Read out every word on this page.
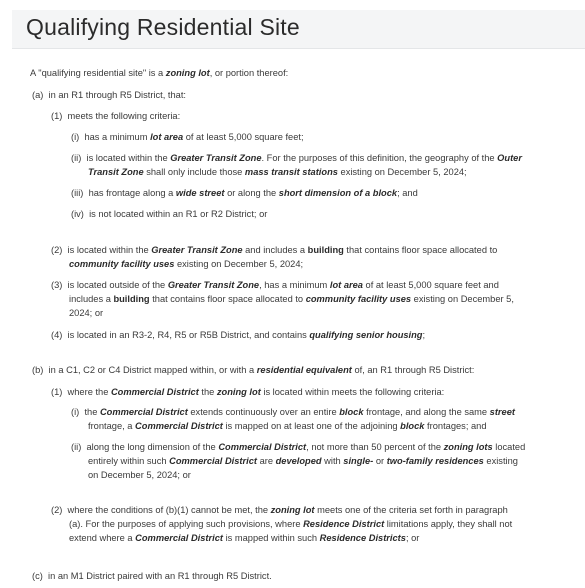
Qualifying Residential Site
A "qualifying residential site" is a zoning lot, or portion thereof:
(a) in an R1 through R5 District, that:
(1) meets the following criteria:
(i) has a minimum lot area of at least 5,000 square feet;
(ii) is located within the Greater Transit Zone. For the purposes of this definition, the geography of the Outer
Transit Zone shall only include those mass transit stations existing on December 5, 2024;
(iii) has frontage along a wide street or along the short dimension of a block; and
(iv) is not located within an R1 or R2 District; or
(2) is located within the Greater Transit Zone and includes a building that contains floor space allocated to
community facility uses existing on December 5, 2024;
(3) is located outside of the Greater Transit Zone, has a minimum lot area of at least 5,000 square feet and
includes a building that contains floor space allocated to community facility uses existing on December 5,
2024; or
(4) is located in an R3-2, R4, R5 or R5B District, and contains qualifying senior housing;
(b) in a C1, C2 or C4 District mapped within, or with a residential equivalent of, an R1 through R5 District:
(1) where the Commercial District the zoning lot is located within meets the following criteria:
(i) the Commercial District extends continuously over an entire block frontage, and along the same street
frontage, a Commercial District is mapped on at least one of the adjoining block frontages; and
(ii) along the long dimension of the Commercial District, not more than 50 percent of the zoning lots located
entirely within such Commercial District are developed with single- or two-family residences existing
on December 5, 2024; or
(2) where the conditions of (b)(1) cannot be met, the zoning lot meets one of the criteria set forth in paragraph
(a). For the purposes of applying such provisions, where Residence District limitations apply, they shall not
extend where a Commercial District is mapped within such Residence Districts; or
(c) in an M1 District paired with an R1 through R5 District.
